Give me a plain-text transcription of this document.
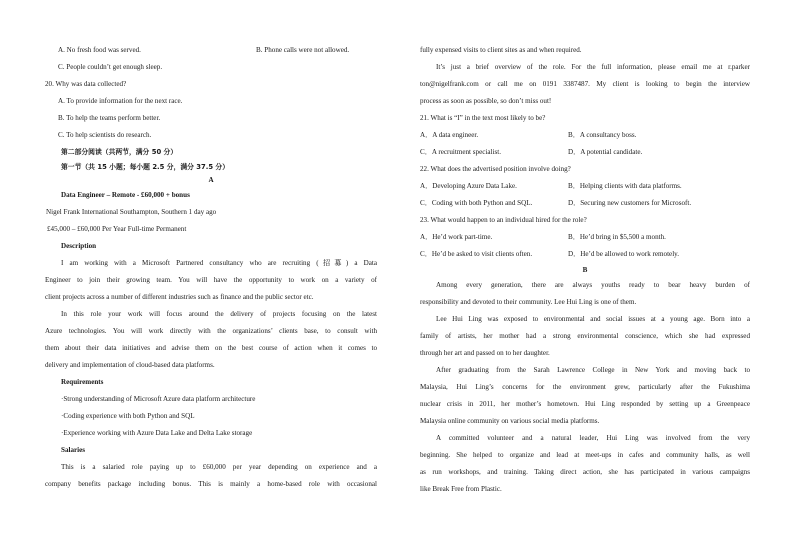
A. No fresh food was served.	B. Phone calls were not allowed.
C. People couldn’t get enough sleep.
20. Why was data collected?
A. To provide information for the next race.
B. To help the teams perform better.
C. To help scientists do research.
第二部分阅读（共两节，满分 50 分）
第一节（共 15 小题；每小题 2.5 分，满分 37.5 分）
A
Data Engineer – Remote - £60,000 + bonus
Nigel Frank International Southampton, Southern 1 day ago
£45,000 – £60,000 Per Year Full-time Permanent
Description
I am working with a Microsoft Partnered consultancy who are recruiting (招募) a Data
Engineer to join their growing team. You will have the opportunity to work on a variety of
client projects across a number of different industries such as finance and the public sector etc.
In this role your work will focus around the delivery of projects focusing on the latest
Azure technologies. You will work directly with the organizations’ clients base, to consult with
them about their data initiatives and advise them on the best course of action when it comes to
delivery and implementation of cloud-based data platforms.
Requirements
·Strong understanding of Microsoft Azure data platform architecture
·Coding experience with both Python and SQL
·Experience working with Azure Data Lake and Delta Lake storage
Salaries
This is a salaried role paying up to £60,000 per year depending on experience and a
company benefits package including bonus. This is mainly a home-based role with occasional
fully expensed visits to client sites as and when required.
It’s just a brief overview of the role. For the full information, please email me at r.parker
ton@nigelfrank.com or call me on 0191 3387487. My client is looking to begin the interview
process as soon as possible, so don’t miss out!
21. What is “I” in the text most likely to be?
A．A data engineer.	B．A consultancy boss.
C．A recruitment specialist.	D．A potential candidate.
22. What does the advertised position involve doing?
A．Developing Azure Data Lake.	B．Helping clients with data platforms.
C．Coding with both Python and SQL.	D．Securing new customers for Microsoft.
23. What would happen to an individual hired for the role?
A．He’d work part-time.	B．He’d bring in $5,500 a month.
C．He’d be asked to visit clients often.	D．He’d be allowed to work remotely.
B
Among every generation, there are always youths ready to bear heavy burden of
responsibility and devoted to their community. Lee Hui Ling is one of them.
Lee Hui Ling was exposed to environmental and social issues at a young age. Born into a
family of artists, her mother had a strong environmental conscience, which she had expressed
through her art and passed on to her daughter.
After graduating from the Sarah Lawrence College in New York and moving back to
Malaysia, Hui Ling’s concerns for the environment grew, particularly after the Fukushima
nuclear crisis in 2011, her mother’s hometown. Hui Ling responded by setting up a Greenpeace
Malaysia online community on various social media platforms.
A committed volunteer and a natural leader, Hui Ling was involved from the very
beginning. She helped to organize and lead at meet-ups in cafes and community halls, as well
as run workshops, and training. Taking direct action, she has participated in various campaigns
like Break Free from Plastic.
